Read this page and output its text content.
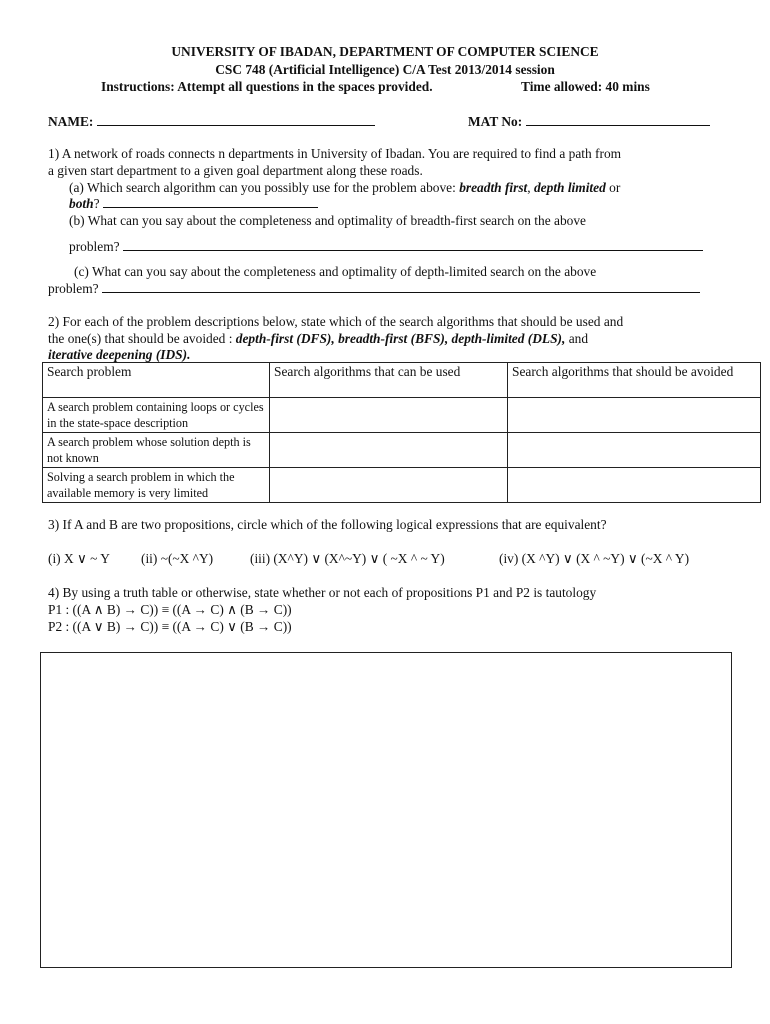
UNIVERSITY OF IBADAN, DEPARTMENT OF COMPUTER SCIENCE
CSC 748 (Artificial Intelligence) C/A Test 2013/2014 session
Instructions: Attempt all questions in the spaces provided.	Time allowed: 40 mins
NAME:	MAT No:
1) A network of roads connects n departments in University of Ibadan. You are required to find a path from
a given start department to a given goal department along these roads.
(a) Which search algorithm can you possibly use for the problem above: breadth first, depth limited or
both?
(b) What can you say about the completeness and optimality of breadth-first search on the above
problem?
(c) What can you say about the completeness and optimality of depth-limited search on the above
problem?
2) For each of the problem descriptions below, state which of the search algorithms that should be used and
the one(s) that should be avoided : depth-first (DFS), breadth-first (BFS), depth-limited (DLS), and
iterative deepening (IDS).
Search problem	Search algorithms that can be used	Search algorithms that should be avoided
A search problem containing loops or cycles in the state-space description		
A search problem whose solution depth is not known		
Solving a search problem in which the available memory is very limited		
3) If A and B are two propositions, circle which of the following logical expressions that are equivalent?
(i) X ∨ ~ Y (ii) ~(~X ^Y)	(iii) (X^Y) ∨ (X^~Y) ∨ ( ~X ^ ~ Y)	(iv) (X ^Y) ∨ (X ^ ~Y) ∨ (~X ^ Y)
4) By using a truth table or otherwise, state whether or not each of propositions P1 and P2 is tautology
P1 : ((A ∧ B) → C)) ≡ ((A → C) ∧ (B → C))
P2 : ((A ∨ B) → C)) ≡ ((A → C) ∨ (B → C))
